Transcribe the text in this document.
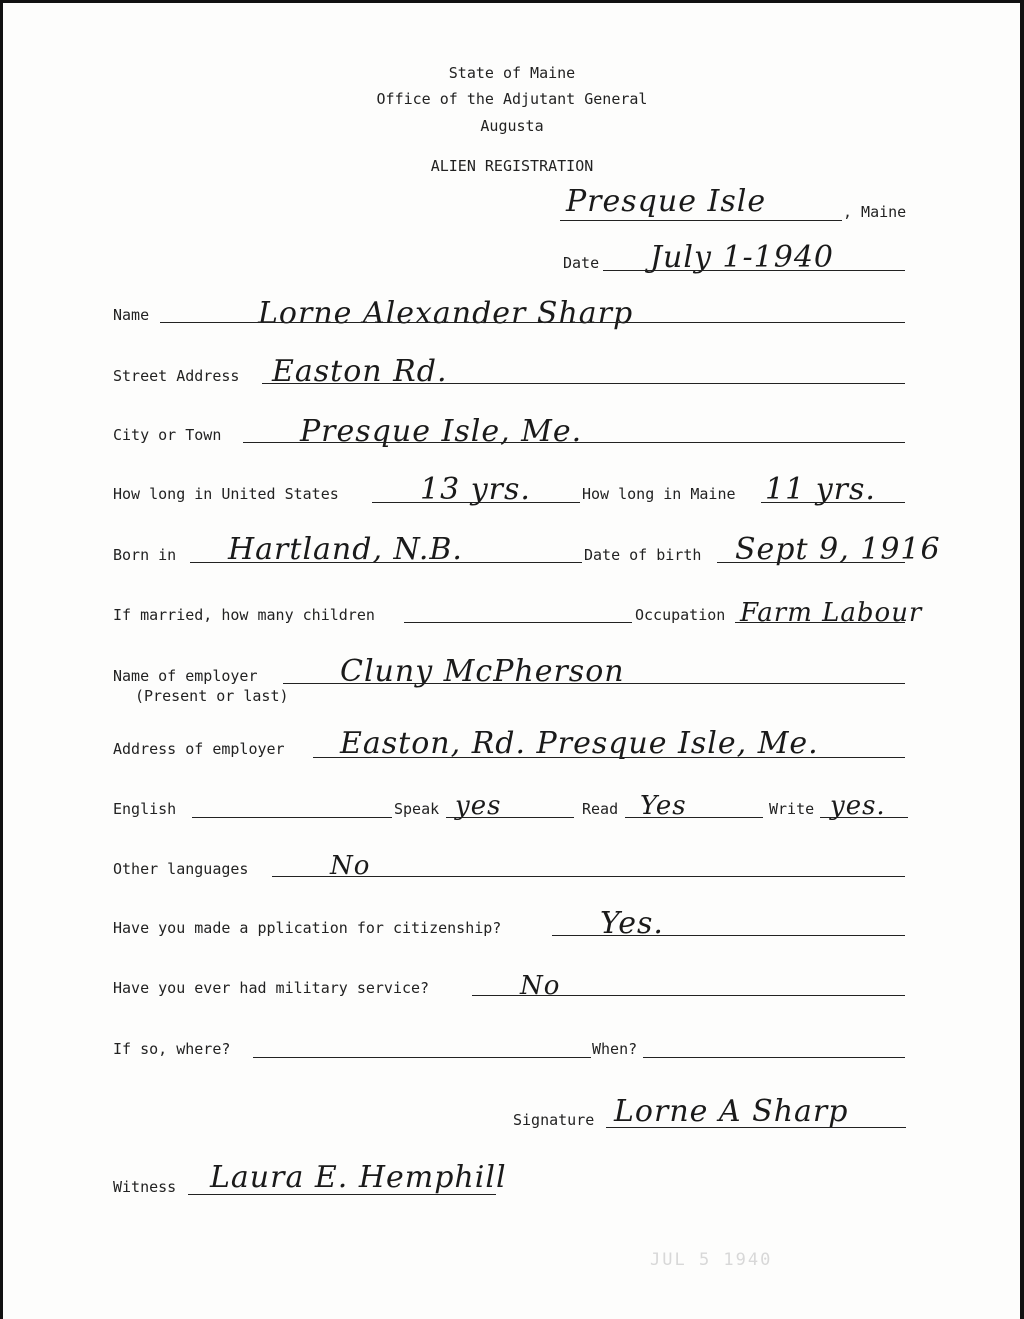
State of Maine
Office of the Adjutant General
Augusta
ALIEN REGISTRATION
Presque Isle	, Maine
Date July 1-1940
Name	Lorne Alexander Sharp
Street Address Easton Rd.
City or Town	Presque Isle, Me.
How long in United States	13 yrs.	How long in Maine 11 yrs.
Born in Hartland, N.B.	Date of birth Sept 9, 1916
If married, how many children	Occupation Farm Labour
Name of employer
(Present or last)
Cluny McPherson
Address of employer Easton, Rd. Presque Isle, Me.
English	Speak yes	Read Yes	Write yes.
Other languages	No
Have you made a pplication for citizenship?	Yes.
Have you ever had military service?	No
If so, where?	When?
Signature Lorne A Sharp
Witness Laura E. Hemphill
JUL 5 1940
